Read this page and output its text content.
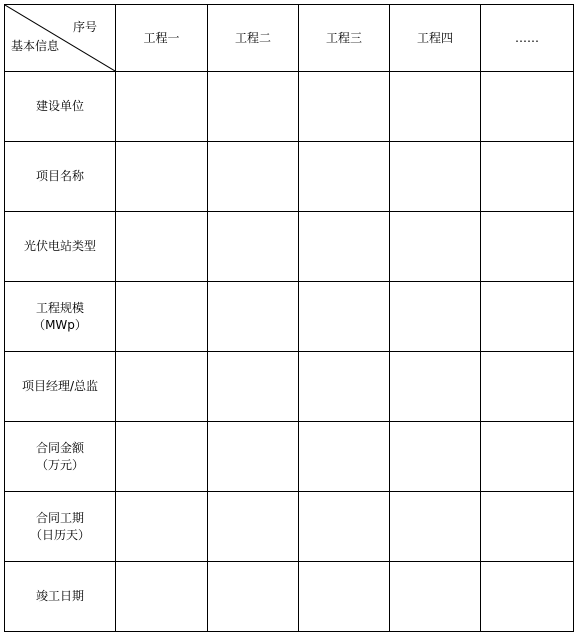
序号
基本信息	工程一	工程二	工程三	工程四	……

建设单位					

项目名称					

光伏电站类型					

工程规模
（MWp）					

项目经理/总监					

合同金额
（万元）					

合同工期
（日历天）					

竣工日期					
